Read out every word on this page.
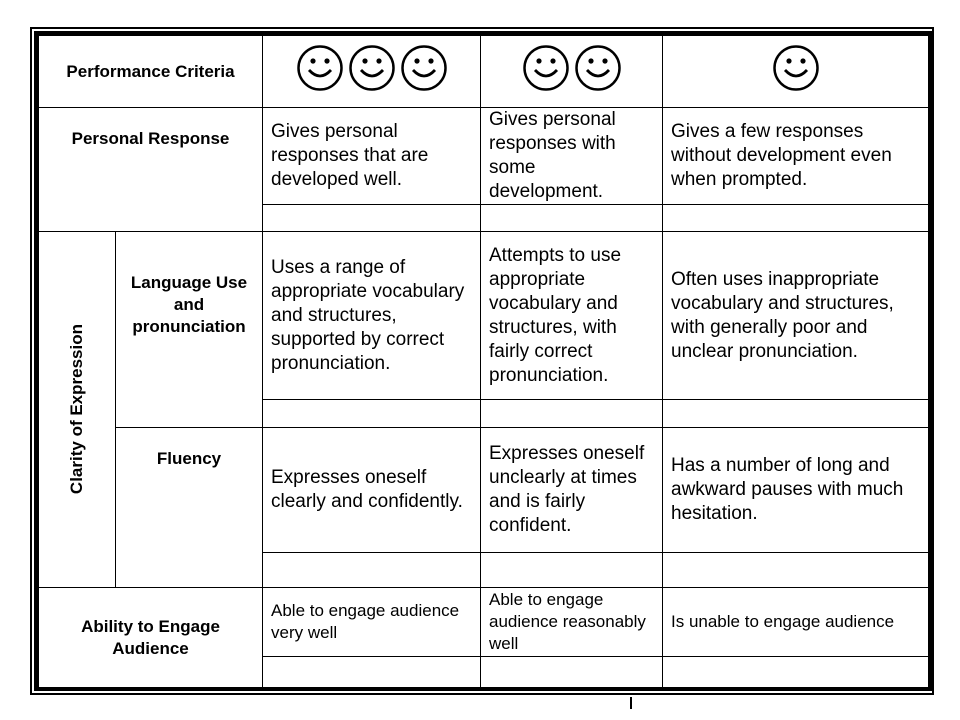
Performance Criteria	

Personal Response		Gives personal responses that are developed well.	Gives personal responses with some development.	Gives a few responses without development even when prompted.

Clarity of Expression	Language Use and pronunciation	Uses a range of appropriate vocabulary and structures, supported by correct pronunciation.	Attempts to use appropriate vocabulary and structures, with fairly correct pronunciation.	Often uses inappropriate vocabulary and structures, with generally poor and unclear pronunciation.

	Fluency	Expresses oneself clearly and confidently.	Expresses oneself unclearly at times and is fairly confident.	Has a number of long and awkward pauses with much hesitation.

Ability to Engage Audience		Able to engage audience very well	Able to engage audience reasonably well	Is unable to engage audience
